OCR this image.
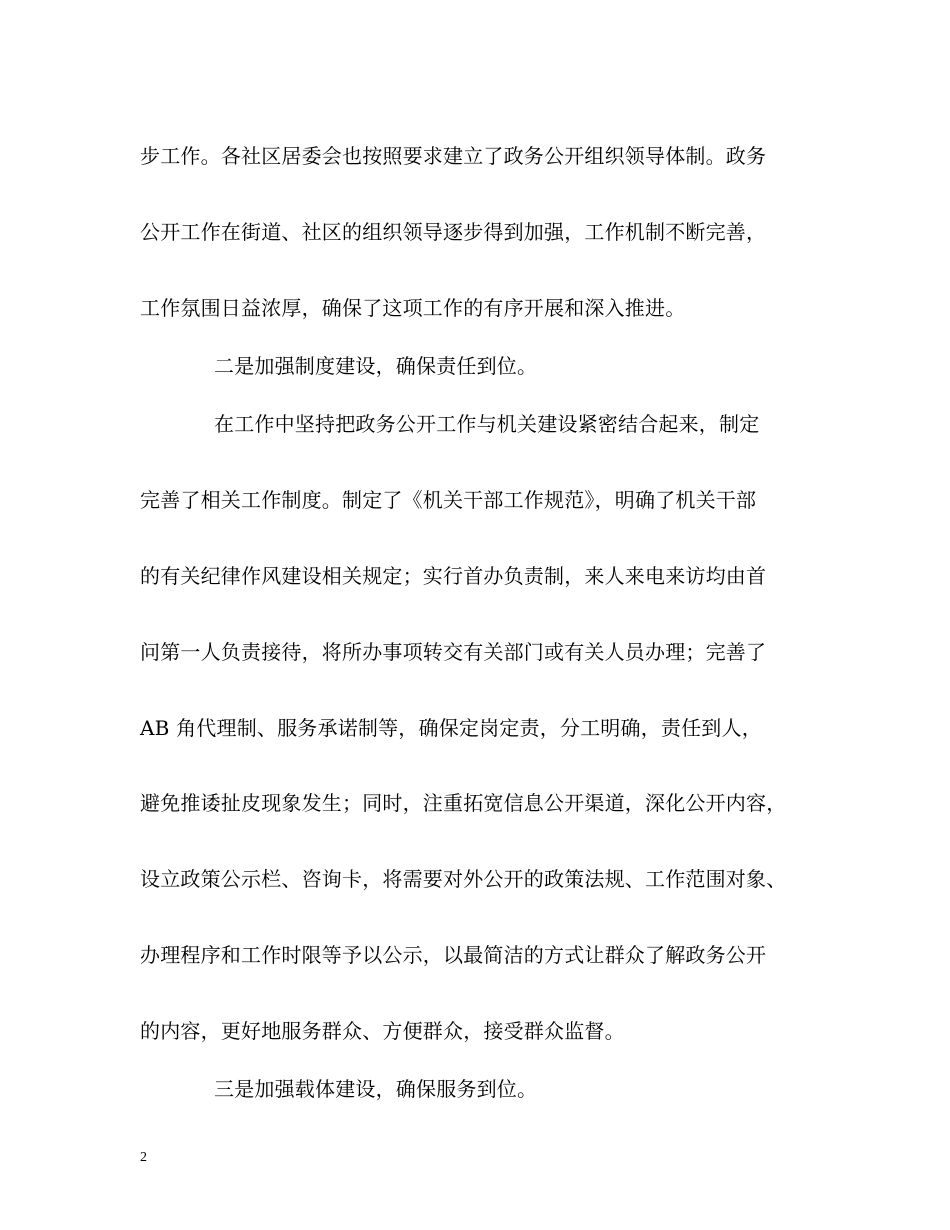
步工作。各社区居委会也按照要求建立了政务公开组织领导体制。政务
公开工作在街道、社区的组织领导逐步得到加强，工作机制不断完善，
工作氛围日益浓厚，确保了这项工作的有序开展和深入推进。
二是加强制度建设，确保责任到位。
在工作中坚持把政务公开工作与机关建设紧密结合起来，制定
完善了相关工作制度。制定了《机关干部工作规范》，明确了机关干部
的有关纪律作风建设相关规定；实行首办负责制，来人来电来访均由首
问第一人负责接待，将所办事项转交有关部门或有关人员办理；完善了
AB 角代理制、服务承诺制等，确保定岗定责，分工明确，责任到人，
避免推诿扯皮现象发生；同时，注重拓宽信息公开渠道，深化公开内容，
设立政策公示栏、咨询卡，将需要对外公开的政策法规、工作范围对象、
办理程序和工作时限等予以公示，以最简洁的方式让群众了解政务公开
的内容，更好地服务群众、方便群众，接受群众监督。
三是加强载体建设，确保服务到位。
2
